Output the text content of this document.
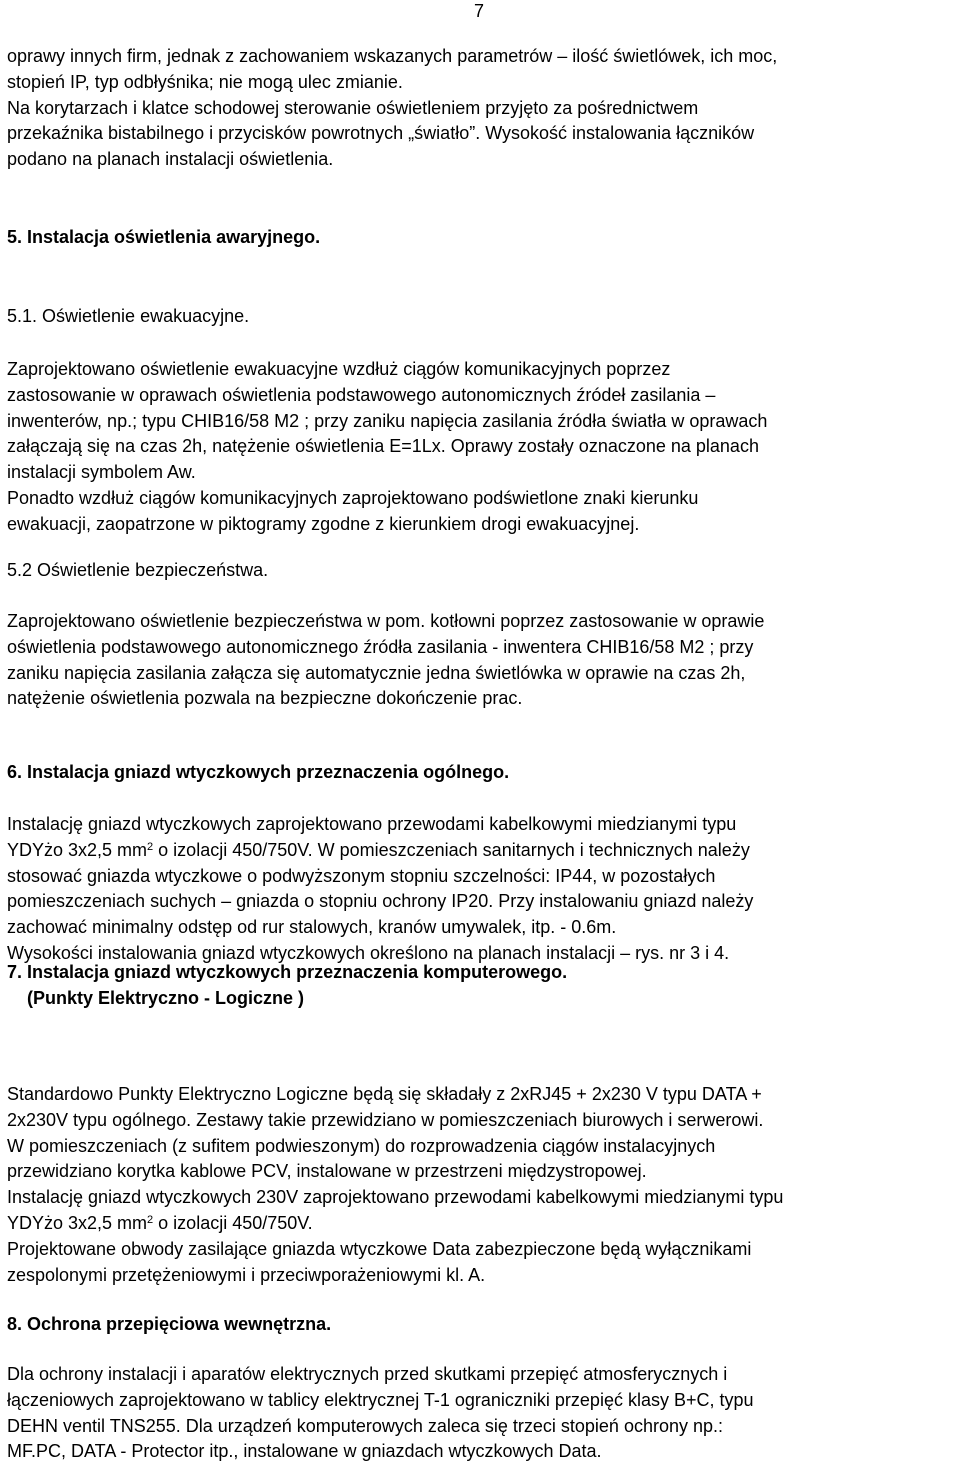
7
oprawy innych firm, jednak z zachowaniem wskazanych parametrów – ilość świetlówek, ich moc,
stopień IP, typ odbłyśnika; nie mogą ulec zmianie.
Na korytarzach i klatce schodowej sterowanie oświetleniem przyjęto za pośrednictwem
przekaźnika bistabilnego i przycisków powrotnych „światło”. Wysokość instalowania łączników
podano na planach instalacji oświetlenia.
5. Instalacja oświetlenia awaryjnego.
5.1. Oświetlenie ewakuacyjne.
Zaprojektowano oświetlenie ewakuacyjne wzdłuż ciągów komunikacyjnych poprzez
zastosowanie w oprawach oświetlenia podstawowego autonomicznych źródeł zasilania –
inwenterów, np.; typu CHIB16/58 M2 ; przy zaniku napięcia zasilania źródła światła w oprawach
załączają się na czas 2h, natężenie oświetlenia E=1Lx. Oprawy zostały oznaczone na planach
instalacji symbolem Aw.
Ponadto wzdłuż ciągów komunikacyjnych zaprojektowano podświetlone znaki kierunku
ewakuacji, zaopatrzone w piktogramy zgodne z kierunkiem drogi ewakuacyjnej.
5.2 Oświetlenie bezpieczeństwa.
Zaprojektowano oświetlenie bezpieczeństwa w pom. kotłowni poprzez zastosowanie w oprawie
oświetlenia podstawowego autonomicznego źródła zasilania - inwentera CHIB16/58 M2 ; przy
zaniku napięcia zasilania załącza się automatycznie jedna świetlówka w oprawie na czas 2h,
natężenie oświetlenia pozwala na bezpieczne dokończenie prac.
6. Instalacja gniazd wtyczkowych przeznaczenia ogólnego.
Instalację gniazd wtyczkowych zaprojektowano przewodami kabelkowymi miedzianymi typu
YDYżo 3x2,5 $mm^2$ o izolacji 450/750V. W pomieszczeniach sanitarnych i technicznych należy
stosować gniazda wtyczkowe o podwyższonym stopniu szczelności: IP44, w pozostałych
pomieszczeniach suchych – gniazda o stopniu ochrony IP20. Przy instalowaniu gniazd należy
zachować minimalny odstęp od rur stalowych, kranów umywalek, itp. - 0.6m.
Wysokości instalowania gniazd wtyczkowych określono na planach instalacji – rys. nr 3 i 4.
7. Instalacja gniazd wtyczkowych przeznaczenia komputerowego.
(Punkty Elektryczno - Logiczne )
Standardowo Punkty Elektryczno Logiczne będą się składały z 2xRJ45 + 2x230 V typu DATA +
2x230V typu ogólnego. Zestawy takie przewidziano w pomieszczeniach biurowych i serwerowi.
W pomieszczeniach (z sufitem podwieszonym) do rozprowadzenia ciągów instalacyjnych
przewidziano korytka kablowe PCV, instalowane w przestrzeni międzystropowej.
Instalację gniazd wtyczkowych 230V zaprojektowano przewodami kabelkowymi miedzianymi typu
YDYżo 3x2,5 $mm^2$ o izolacji 450/750V.
Projektowane obwody zasilające gniazda wtyczkowe Data zabezpieczone będą wyłącznikami
zespolonymi przetężeniowymi i przeciwporażeniowymi kl. A.
8. Ochrona przepięciowa wewnętrzna.
Dla ochrony instalacji i aparatów elektrycznych przed skutkami przepięć atmosferycznych i
łączeniowych zaprojektowano w tablicy elektrycznej T-1 ograniczniki przepięć klasy B+C, typu
DEHN ventil TNS255. Dla urządzeń komputerowych zaleca się trzeci stopień ochrony np.:
MF.PC, DATA - Protector itp., instalowane w gniazdach wtyczkowych Data.
